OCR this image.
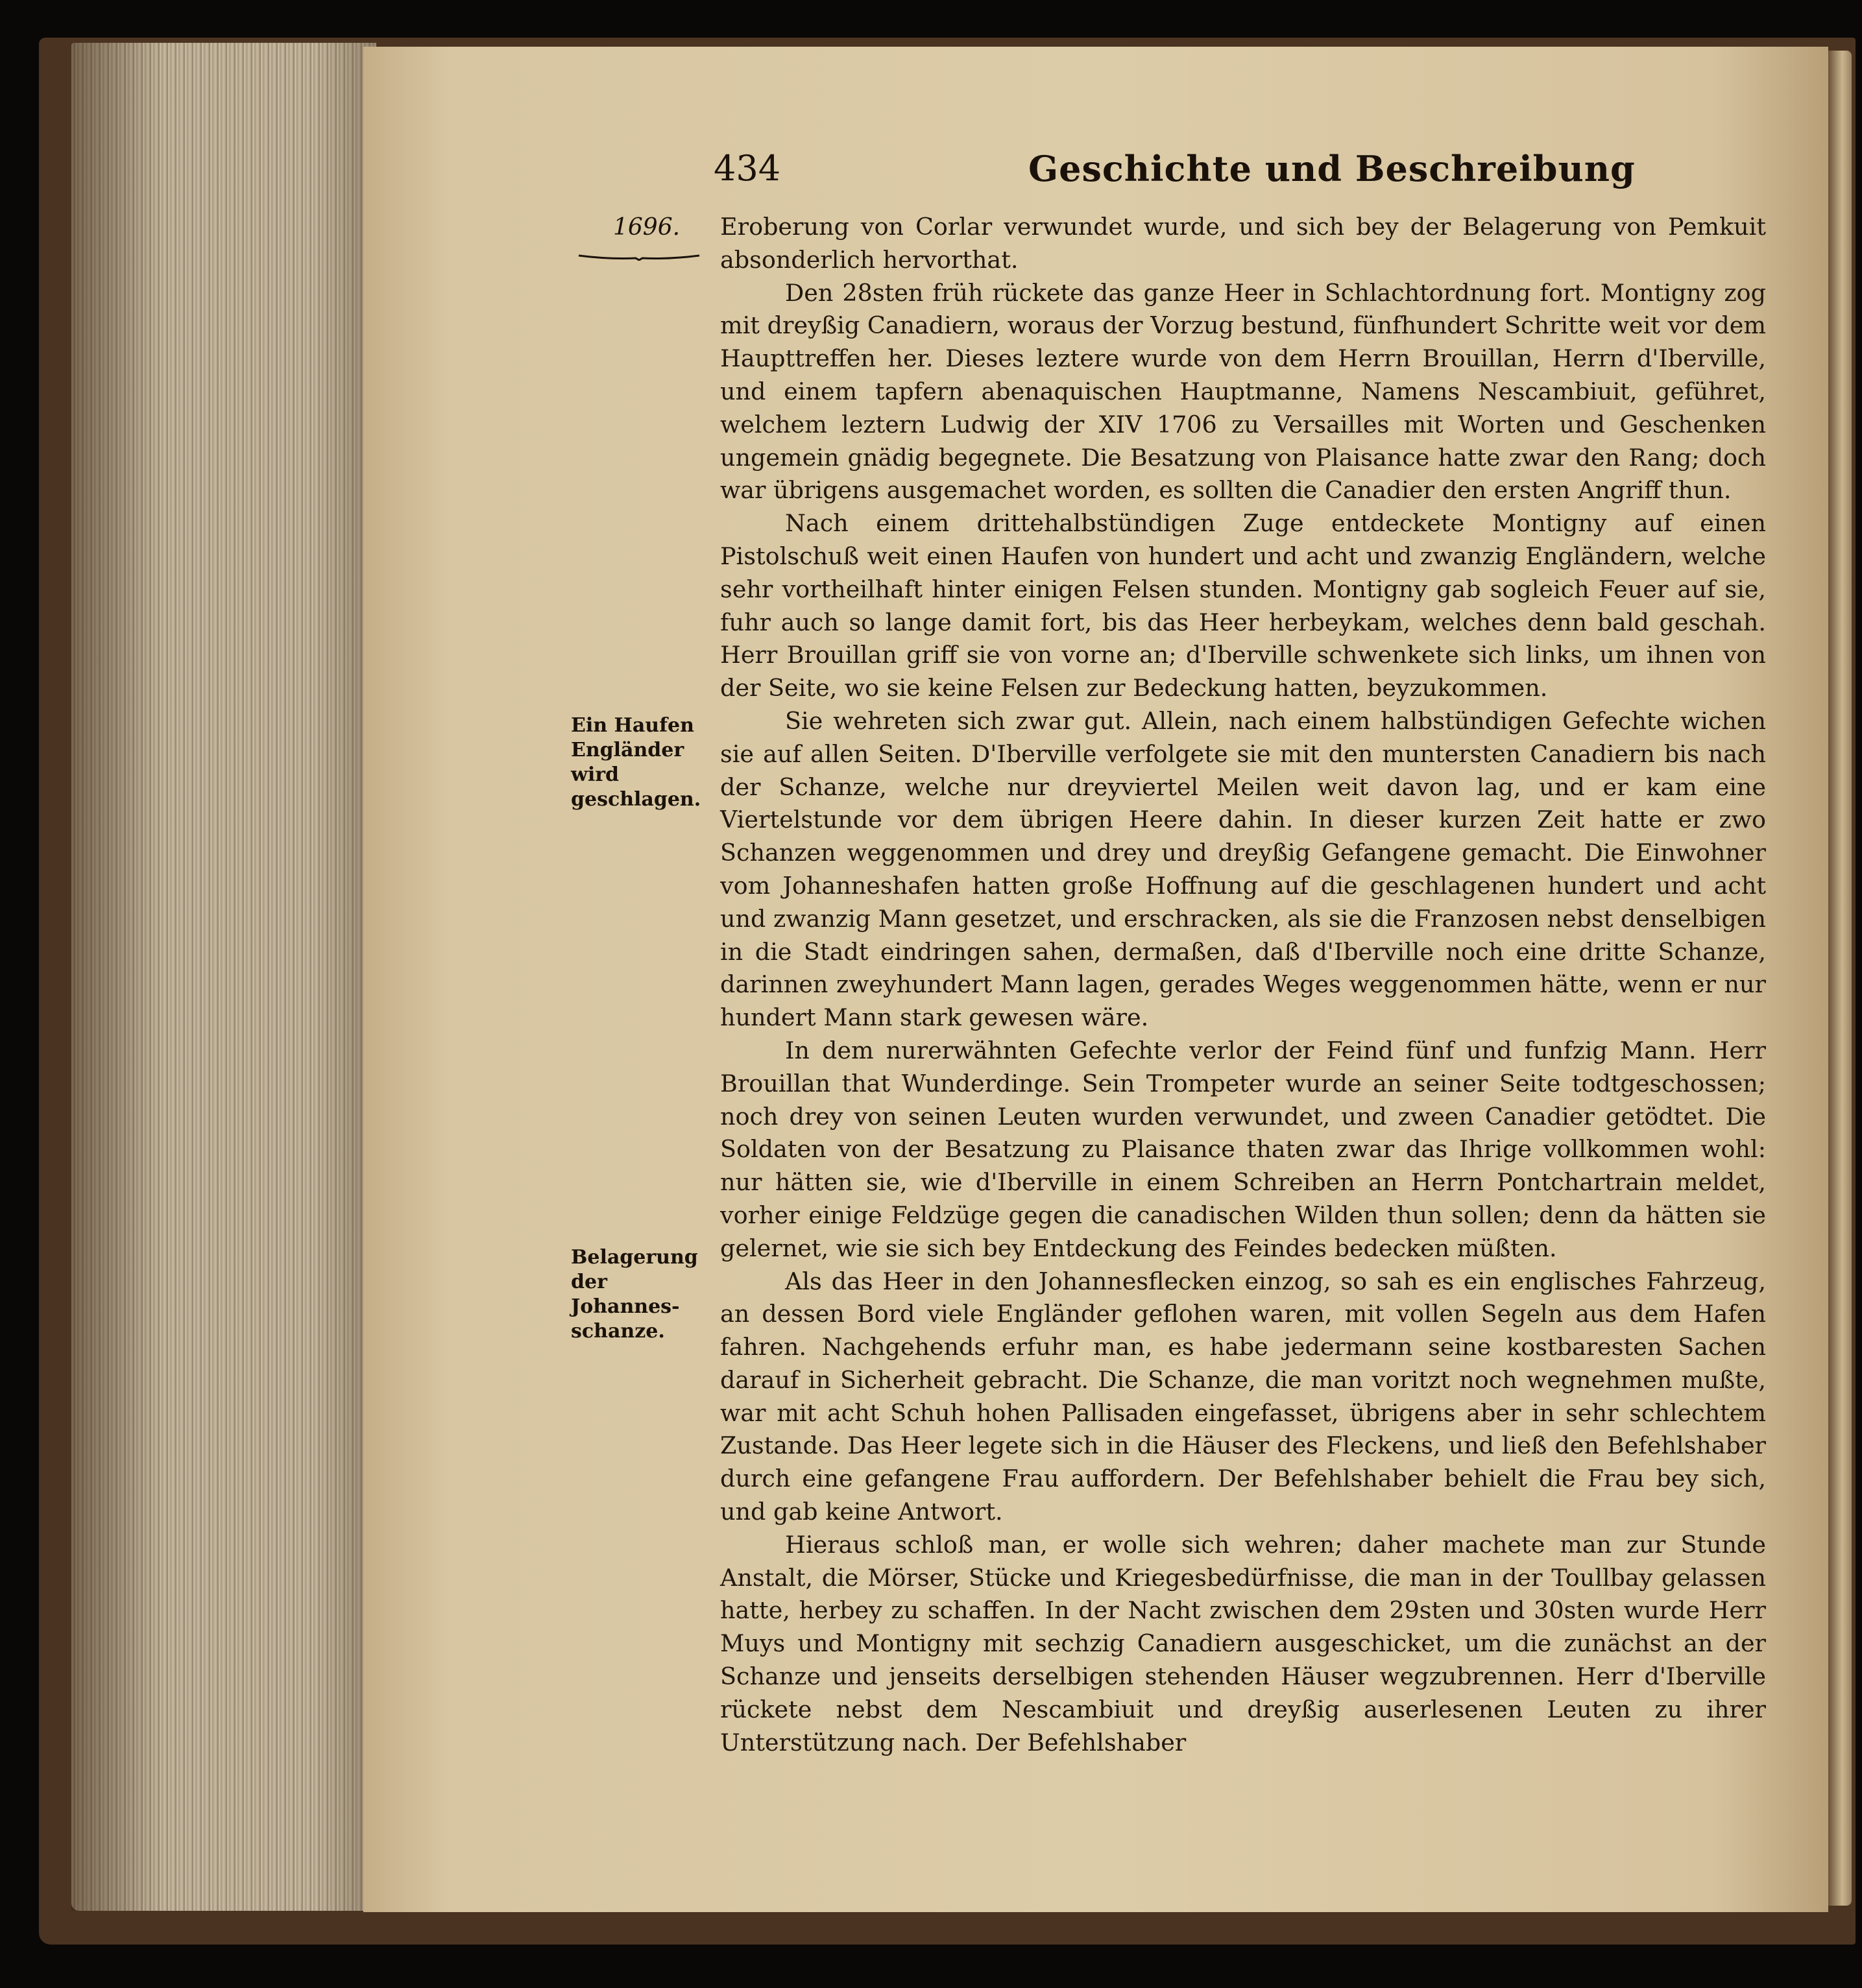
434	Geschichte und Beschreibung
1696.
Ein Haufen Engländer wird geschlagen.
Belagerung der Johannes-schanze.

Eroberung von Corlar verwundet wurde, und sich bey der Belagerung von Pemkuit absonderlich hervorthat.

Den 28sten früh rückete das ganze Heer in Schlachtordnung fort. Montigny zog mit dreyßig Canadiern, woraus der Vorzug bestund, fünfhundert Schritte weit vor dem Haupttreffen her. Dieses leztere wurde von dem Herrn Brouillan, Herrn d'Iberville, und einem tapfern abenaquischen Hauptmanne, Namens Nescambiuit, geführet, welchem leztern Ludwig der XIV 1706 zu Versailles mit Worten und Geschenken ungemein gnädig begegnete. Die Besatzung von Plaisance hatte zwar den Rang; doch war übrigens ausgemachet worden, es sollten die Canadier den ersten Angriff thun.

Nach einem drittehalbstündigen Zuge entdeckete Montigny auf einen Pistolschuß weit einen Haufen von hundert und acht und zwanzig Engländern, welche sehr vortheilhaft hinter einigen Felsen stunden. Montigny gab sogleich Feuer auf sie, fuhr auch so lange damit fort, bis das Heer herbeykam, welches denn bald geschah. Herr Brouillan griff sie von vorne an; d'Iberville schwenkete sich links, um ihnen von der Seite, wo sie keine Felsen zur Bedeckung hatten, beyzukommen.

Sie wehreten sich zwar gut. Allein, nach einem halbstündigen Gefechte wichen sie auf allen Seiten. D'Iberville verfolgete sie mit den muntersten Canadiern bis nach der Schanze, welche nur dreyviertel Meilen weit davon lag, und er kam eine Viertelstunde vor dem übrigen Heere dahin. In dieser kurzen Zeit hatte er zwo Schanzen weggenommen und drey und dreyßig Gefangene gemacht. Die Einwohner vom Johanneshafen hatten große Hoffnung auf die geschlagenen hundert und acht und zwanzig Mann gesetzet, und erschracken, als sie die Franzosen nebst denselbigen in die Stadt eindringen sahen, dermaßen, daß d'Iberville noch eine dritte Schanze, darinnen zweyhundert Mann lagen, gerades Weges weggenommen hätte, wenn er nur hundert Mann stark gewesen wäre.

In dem nurerwähnten Gefechte verlor der Feind fünf und funfzig Mann. Herr Brouillan that Wunderdinge. Sein Trompeter wurde an seiner Seite todtgeschossen; noch drey von seinen Leuten wurden verwundet, und zween Canadier getödtet. Die Soldaten von der Besatzung zu Plaisance thaten zwar das Ihrige vollkommen wohl: nur hätten sie, wie d'Iberville in einem Schreiben an Herrn Pontchartrain meldet, vorher einige Feldzüge gegen die canadischen Wilden thun sollen; denn da hätten sie gelernet, wie sie sich bey Entdeckung des Feindes bedecken müßten.

Als das Heer in den Johannesflecken einzog, so sah es ein englisches Fahrzeug, an dessen Bord viele Engländer geflohen waren, mit vollen Segeln aus dem Hafen fahren. Nachgehends erfuhr man, es habe jedermann seine kostbaresten Sachen darauf in Sicherheit gebracht. Die Schanze, die man voritzt noch wegnehmen mußte, war mit acht Schuh hohen Pallisaden eingefasset, übrigens aber in sehr schlechtem Zustande. Das Heer legete sich in die Häuser des Fleckens, und ließ den Befehlshaber durch eine gefangene Frau auffordern. Der Befehlshaber behielt die Frau bey sich, und gab keine Antwort.

Hieraus schloß man, er wolle sich wehren; daher machete man zur Stunde Anstalt, die Mörser, Stücke und Kriegesbedürfnisse, die man in der Toullbay gelassen hatte, herbey zu schaffen. In der Nacht zwischen dem 29sten und 30sten wurde Herr Muys und Montigny mit sechzig Canadiern ausgeschicket, um die zunächst an der Schanze und jenseits derselbigen stehenden Häuser wegzubrennen. Herr d'Iberville rückete nebst dem Nescambiuit und dreyßig auserlesenen Leuten zu ihrer Unterstützung nach. Der Befehlshaber
